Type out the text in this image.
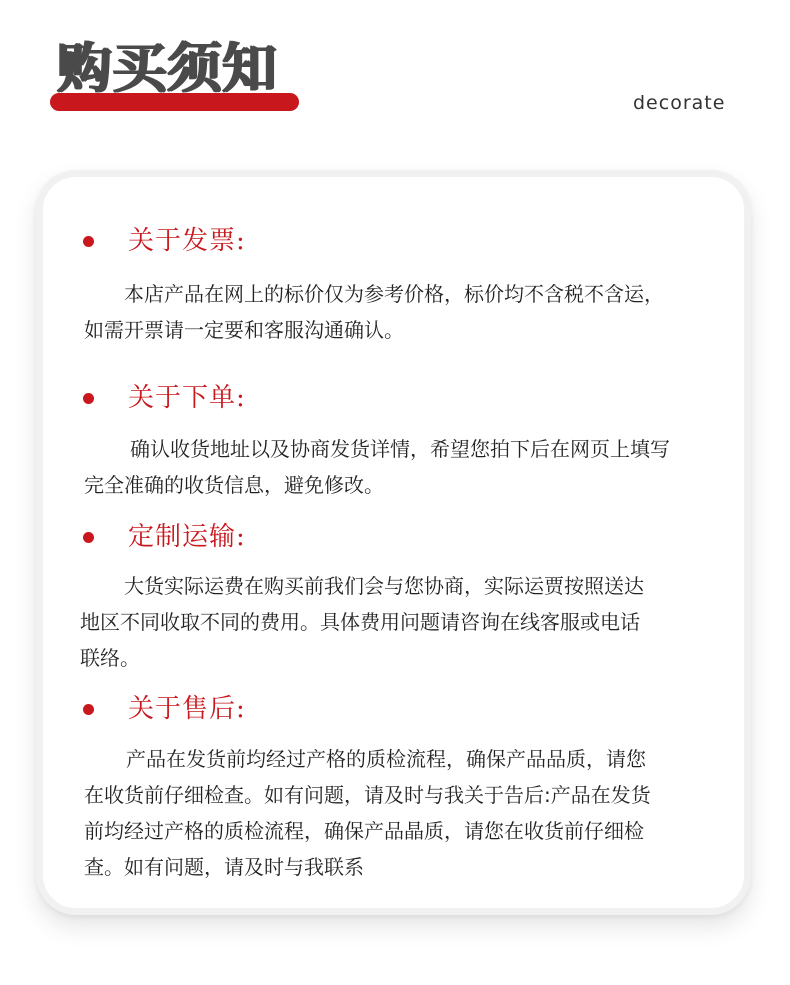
购买须知
decorate
关于发票:
本店产品在网上的标价仅为参考价格，标价均不含税不含运，
如需开票请一定要和客服沟通确认。
关于下单:
确认收货地址以及协商发货详情，希望您拍下后在网页上填写
完全准确的收货信息，避免修改。
定制运输:
大货实际运费在购买前我们会与您协商，实际运贾按照送达
地区不同收取不同的费用。具体费用问题请咨询在线客服或电话
联络。
关于售后:
产品在发货前均经过产格的质检流程，确保产品品质，请您
在收货前仔细检查。如有问题，请及时与我关于告后:产品在发货
前均经过产格的质检流程，确保产品晶质，请您在收货前仔细检
查。如有问题，请及时与我联系
